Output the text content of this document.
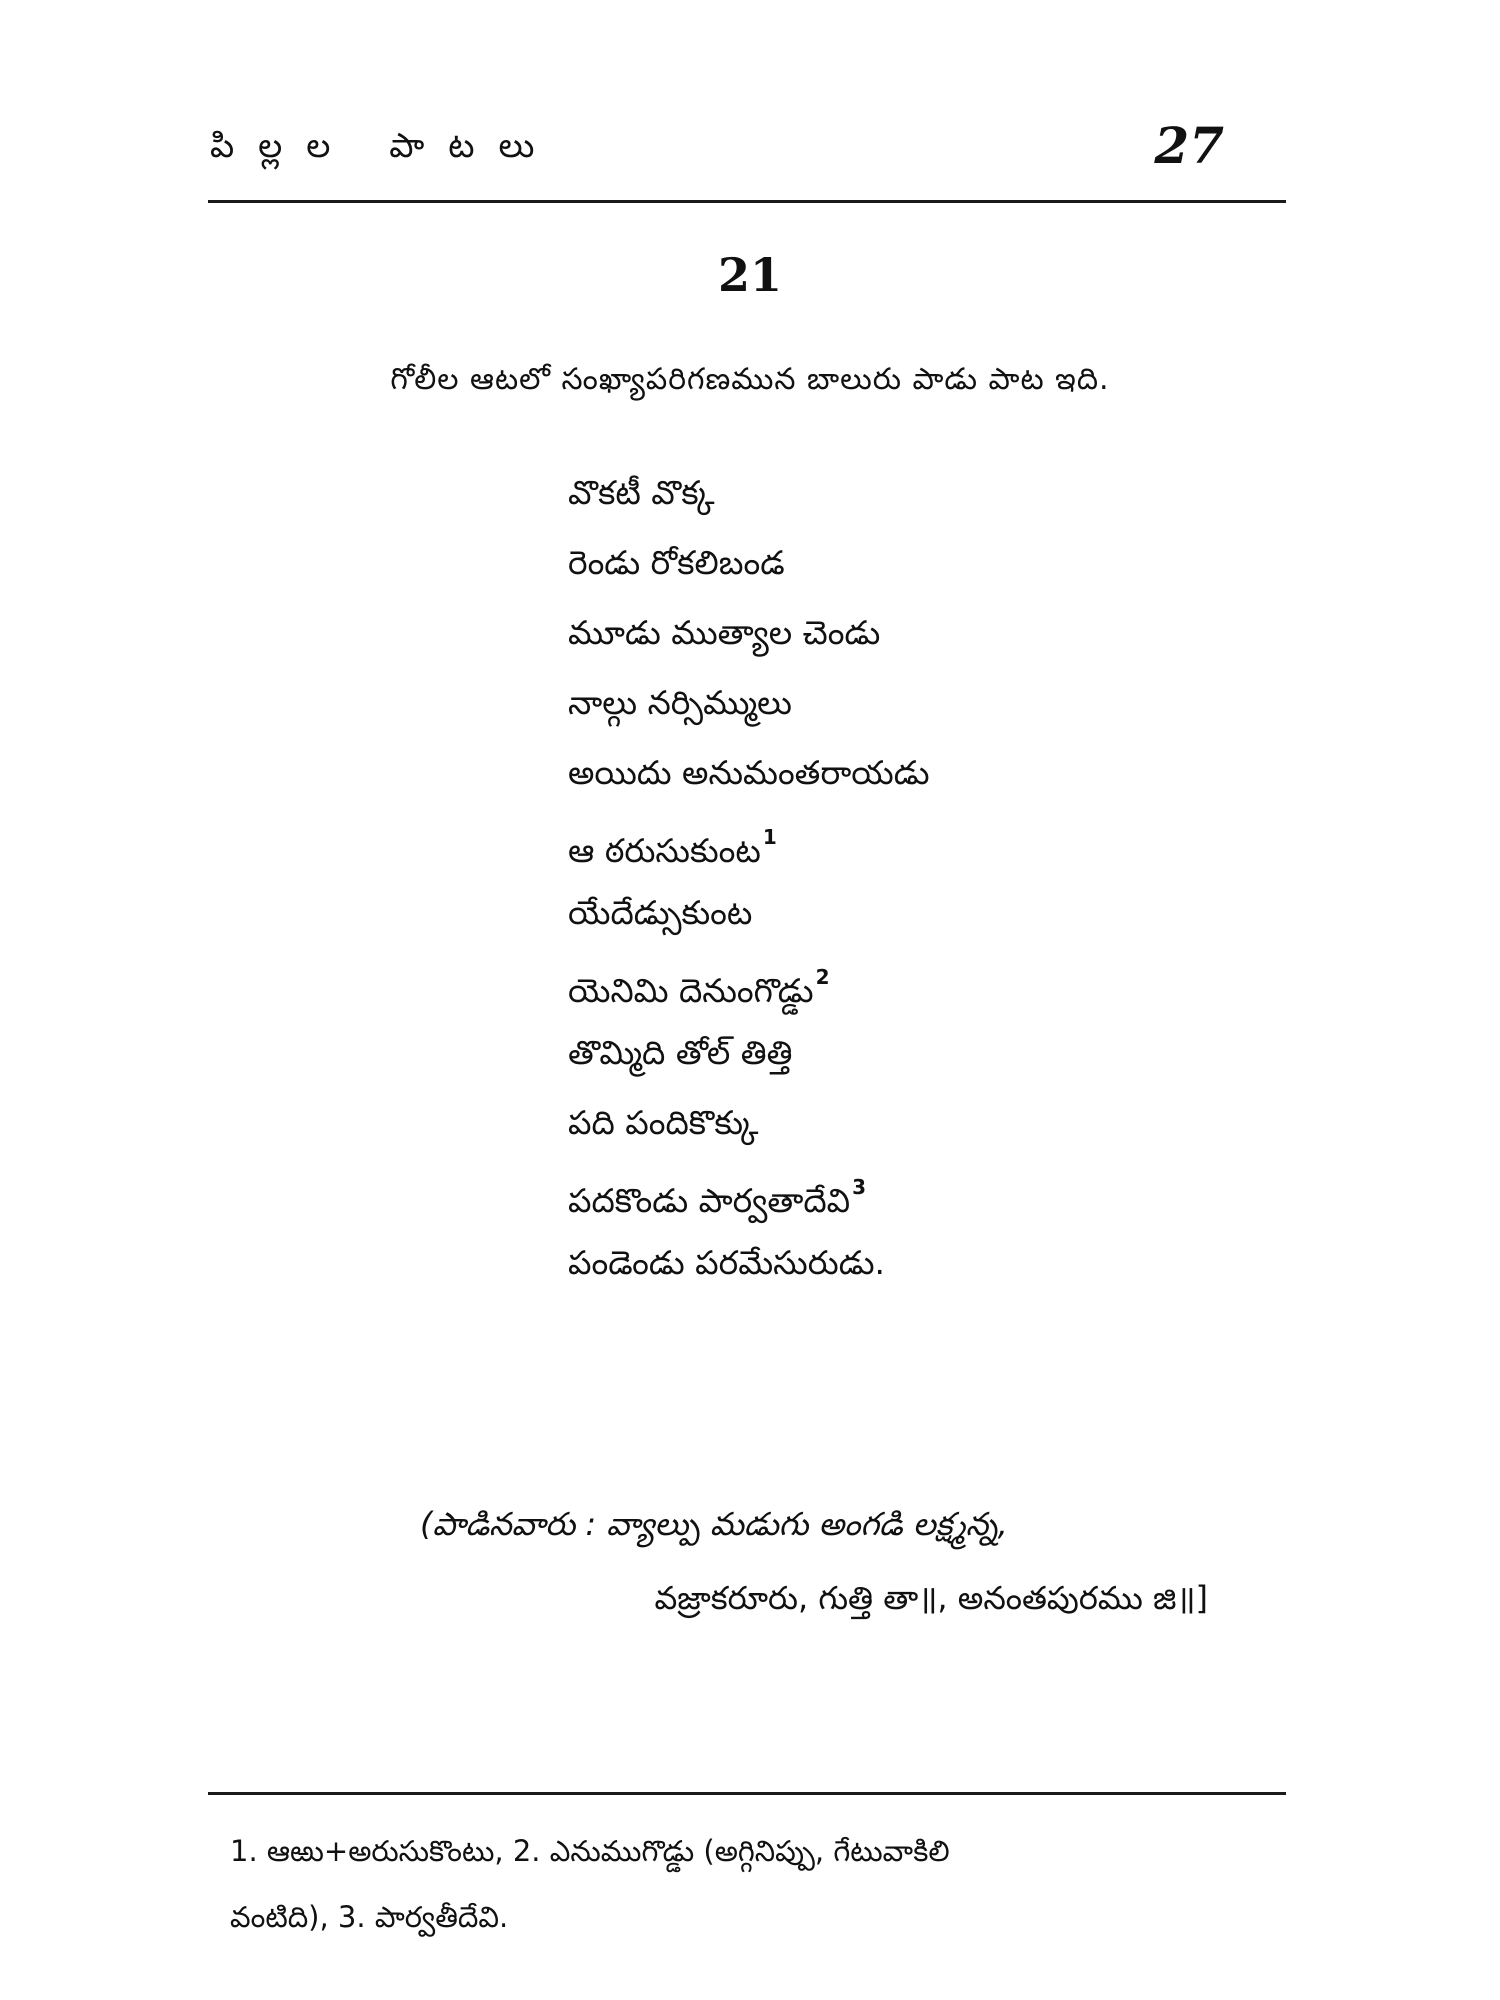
పిల్లల పాటలు	27
21
గోలీల ఆటలో సంఖ్యాపరిగణమున బాలురు పాడు పాట ఇది.
వొకటీ వొక్క
రెండు రోకలిబండ
మూడు ముత్యాల చెండు
నాల్గు నర్సిమ్ములు
అయిదు అనుమంతరాయడు
ఆ ఠరుసుకుంట $^1$
యేదేడ్సుకుంట
యెనిమి దెనుంగొడ్డు $^2$
తొమ్మిది తోల్ తిత్తి
పది పందికొక్కు
పదకొండు పార్వతాదేవి $^3$
పండెండు పరమేసురుడు.
(పాడినవారు : వ్యాల్పు మడుగు అంగడి లక్ష్మన్న,
వజ్రాకరూరు, గుత్తి తా॥, అనంతపురము జి॥]
1. ఆఱు+అరుసుకొంటు, 2. ఎనుముగొడ్డు (అగ్గినిప్పు, గేటువాకిలి
వంటిది), 3. పార్వతీదేవి.
